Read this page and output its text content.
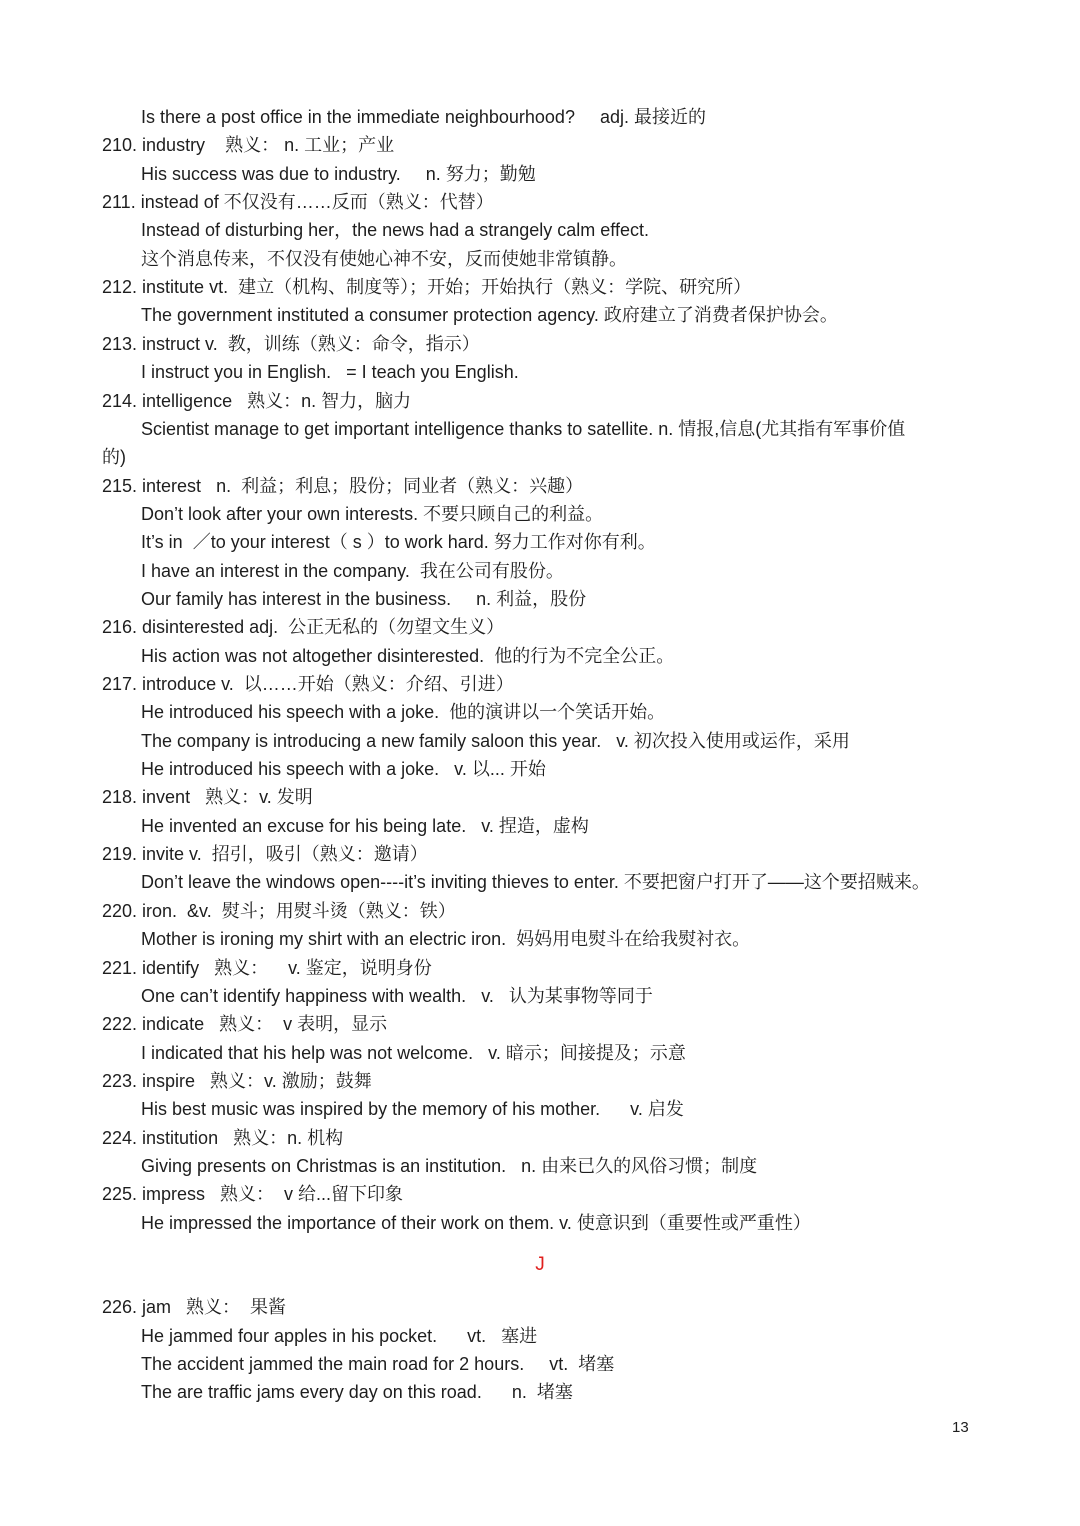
Is there a post office in the immediate neighbourhood?     adj. 最接近的
210. industry    熟义： n. 工业；产业
His success was due to industry.     n. 努力；勤勉
211. instead of 不仅没有……反而（熟义：代替）
Instead of disturbing her，the news had a strangely calm effect.
这个消息传来，不仅没有使她心神不安，反而使她非常镇静。
212. institute vt.  建立（机构、制度等）；开始；开始执行（熟义：学院、研究所）
The government instituted a consumer protection agency. 政府建立了消费者保护协会。
213. instruct v.  教，训练（熟义：命令，指示）
I instruct you in English.   = I teach you English.
214. intelligence   熟义：n. 智力，脑力
Scientist manage to get important intelligence thanks to satellite. n. 情报,信息(尤其指有军事价值
的)
215. interest   n.  利益；利息；股份；同业者（熟义：兴趣）
Don’t look after your own interests. 不要只顾自己的利益。
It’s in  ／to your interest（ s ）to work hard. 努力工作对你有利。
I have an interest in the company.  我在公司有股份。
Our family has interest in the business.     n. 利益，股份
216. disinterested adj.  公正无私的（勿望文生义）
His action was not altogether disinterested.  他的行为不完全公正。
217. introduce v.  以……开始（熟义：介绍、引进）
He introduced his speech with a joke.  他的演讲以一个笑话开始。
The company is introducing a new family saloon this year.   v. 初次投入使用或运作，采用
He introduced his speech with a joke.   v. 以... 开始
218. invent   熟义：v. 发明
He invented an excuse for his being late.   v. 捏造，虚构
219. invite v.  招引，吸引（熟义：邀请）
Don’t leave the windows open----it’s inviting thieves to enter. 不要把窗户打开了——这个要招贼来。
220. iron.  &v.  熨斗；用熨斗烫（熟义：铁）
Mother is ironing my shirt with an electric iron.  妈妈用电熨斗在给我熨衬衣。
221. identify   熟义：    v. 鉴定，说明身份
One can’t identify happiness with wealth.   v.   认为某事物等同于
222. indicate   熟义：  v 表明，显示
I indicated that his help was not welcome.   v. 暗示；间接提及；示意
223. inspire   熟义：v. 激励；鼓舞
His best music was inspired by the memory of his mother.      v. 启发
224. institution   熟义：n. 机构
Giving presents on Christmas is an institution.   n. 由来已久的风俗习惯；制度
225. impress   熟义：  v 给...留下印象
He impressed the importance of their work on them. v. 使意识到（重要性或严重性）
J
226. jam   熟义：  果酱
He jammed four apples in his pocket.      vt.   塞进
The accident jammed the main road for 2 hours.     vt.  堵塞
The are traffic jams every day on this road.      n.  堵塞
13
